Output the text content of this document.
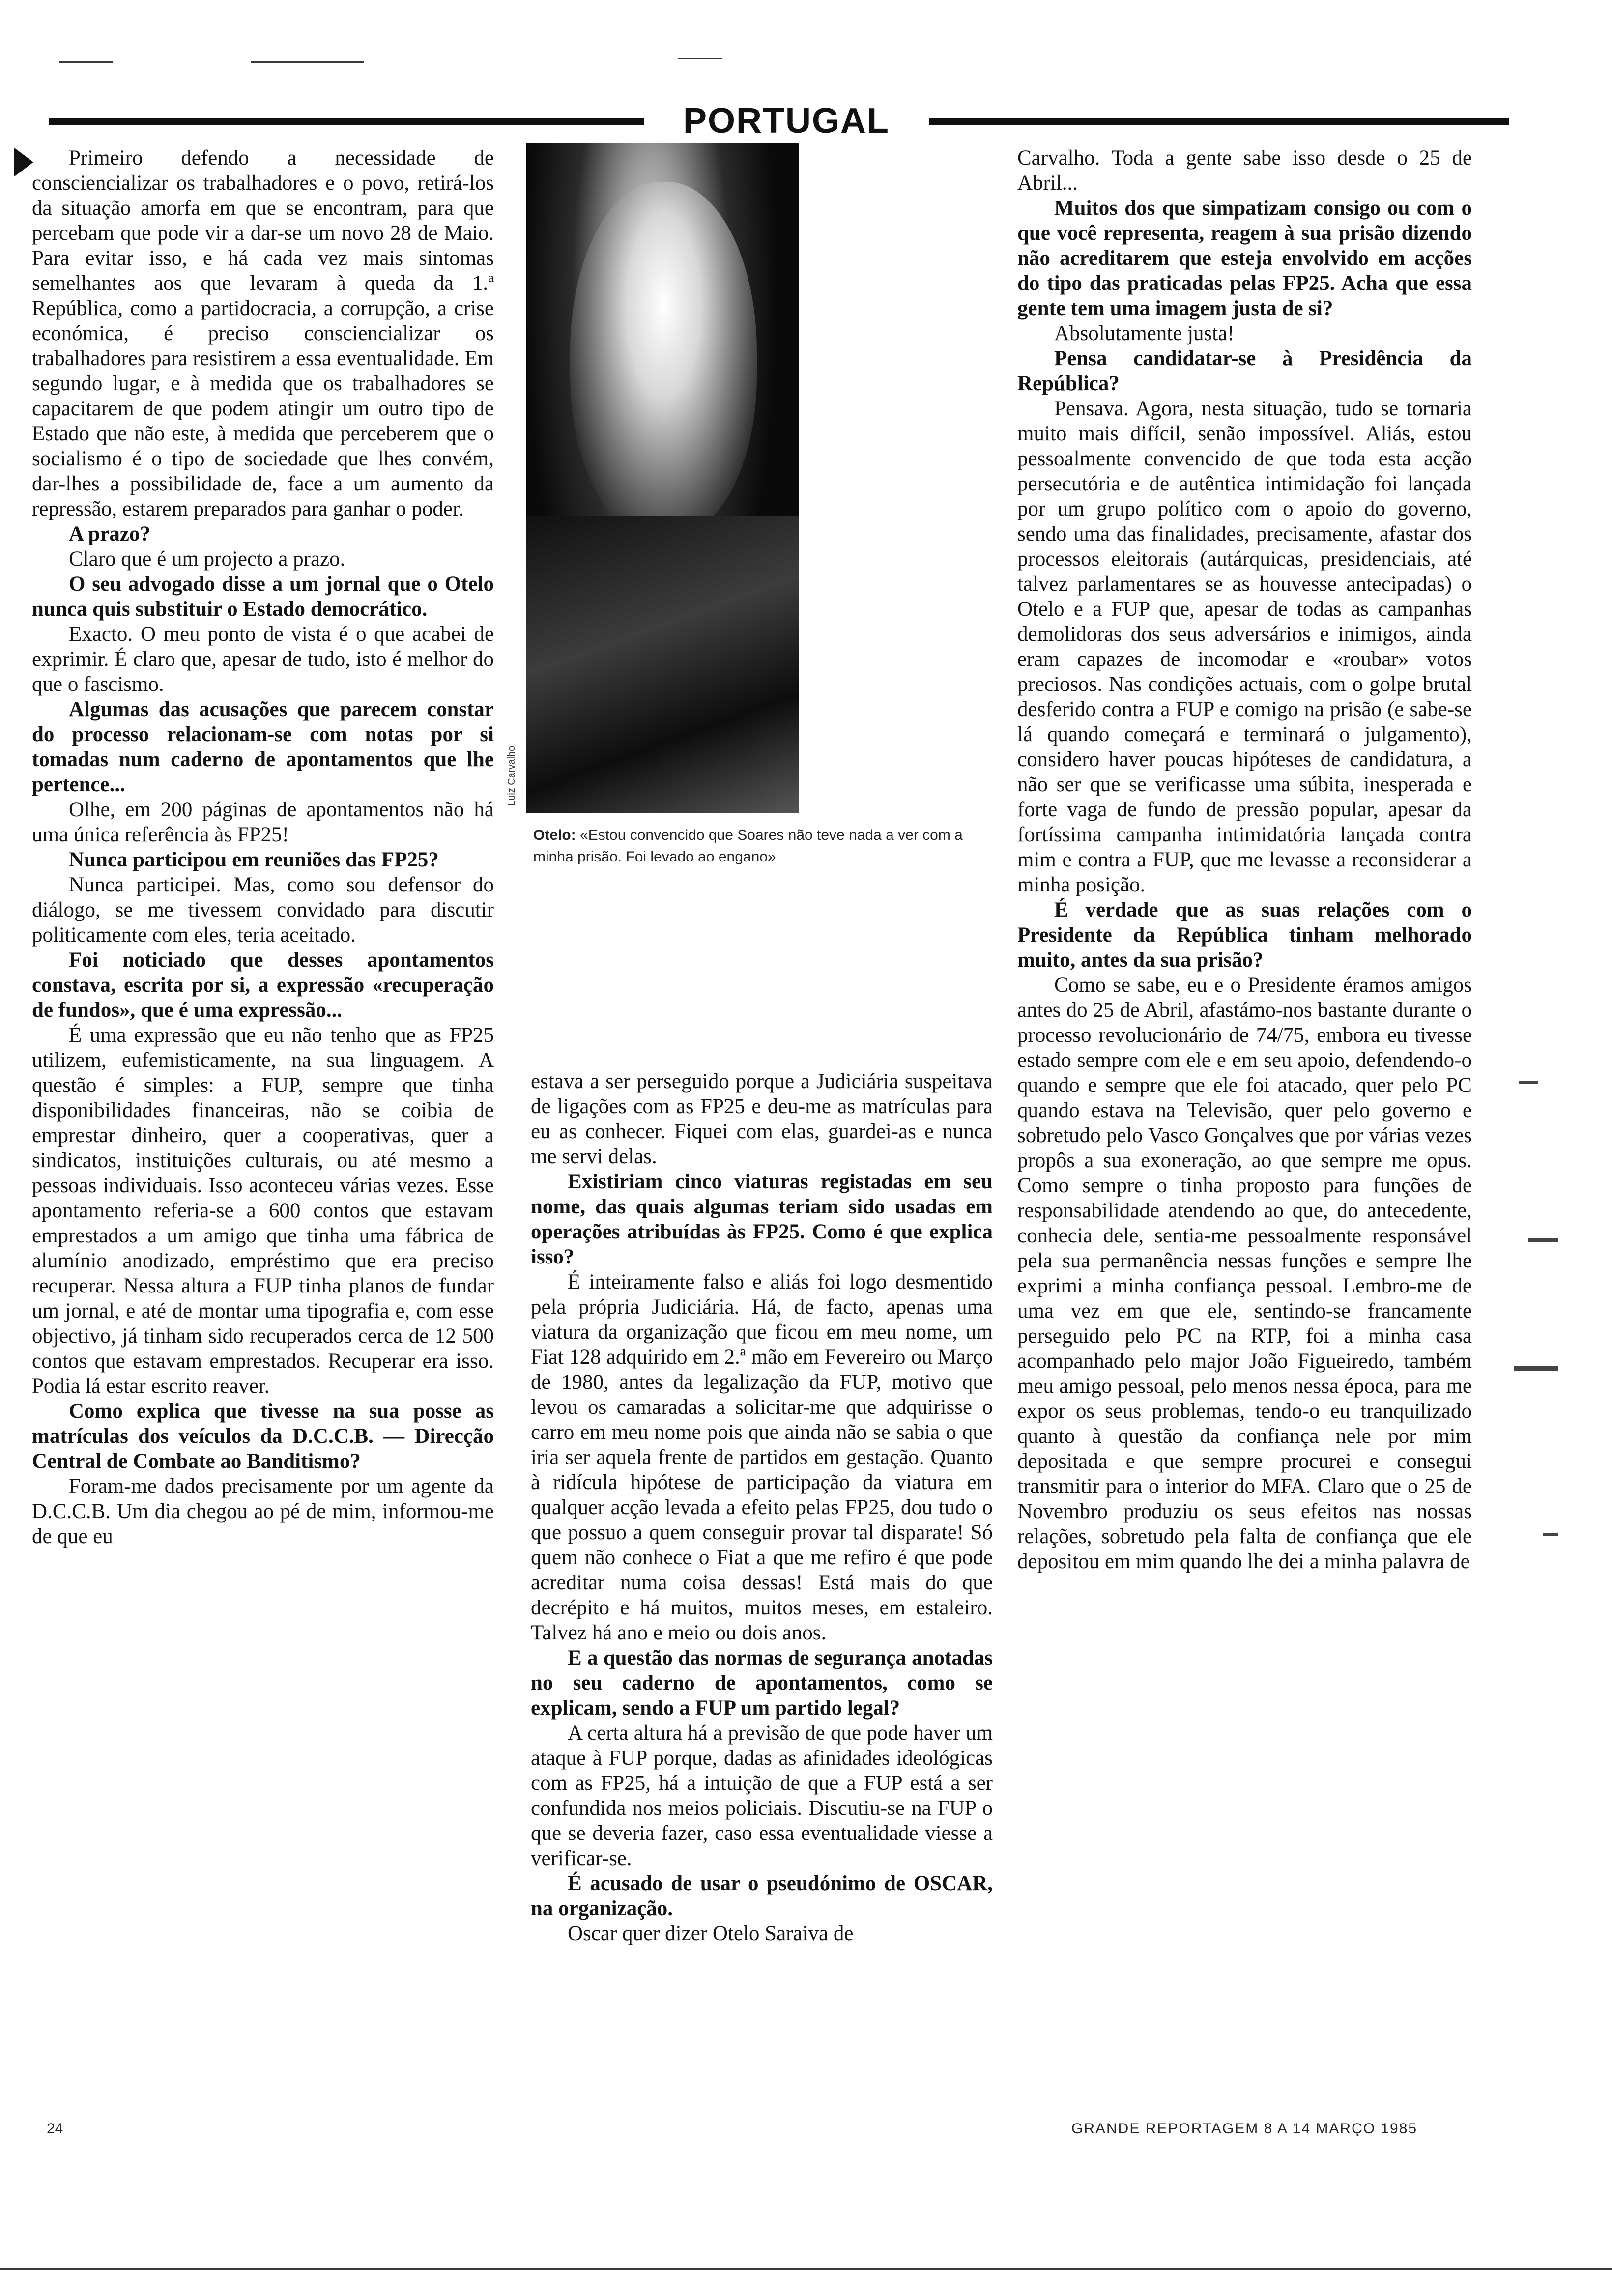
PORTUGAL

Primeiro defendo a necessidade de consciencializar os trabalhadores e o povo, retirá-los da situação amorfa em que se encontram, para que percebam que pode vir a dar-se um novo 28 de Maio. Para evitar isso, e há cada vez mais sintomas semelhantes aos que levaram à queda da 1.ª República, como a partidocracia, a corrupção, a crise económica, é preciso consciencializar os trabalhadores para resistirem a essa eventualidade. Em segundo lugar, e à medida que os trabalhadores se capacitarem de que podem atingir um outro tipo de Estado que não este, à medida que perceberem que o socialismo é o tipo de sociedade que lhes convém, dar-lhes a possibilidade de, face a um aumento da repressão, estarem preparados para ganhar o poder.

A prazo?

Claro que é um projecto a prazo.

O seu advogado disse a um jornal que o Otelo nunca quis substituir o Estado democrático.

Exacto. O meu ponto de vista é o que acabei de exprimir. É claro que, apesar de tudo, isto é melhor do que o fascismo.

Algumas das acusações que parecem constar do processo relacionam-se com notas por si tomadas num caderno de apontamentos que lhe pertence...

Olhe, em 200 páginas de apontamentos não há uma única referência às FP25!

Nunca participou em reuniões das FP25?

Nunca participei. Mas, como sou defensor do diálogo, se me tivessem convidado para discutir politicamente com eles, teria aceitado.

Foi noticiado que desses apontamentos constava, escrita por si, a expressão «recuperação de fundos», que é uma expressão...

É uma expressão que eu não tenho que as FP25 utilizem, eufemisticamente, na sua linguagem. A questão é simples: a FUP, sempre que tinha disponibilidades financeiras, não se coibia de emprestar dinheiro, quer a cooperativas, quer a sindicatos, instituições culturais, ou até mesmo a pessoas individuais. Isso aconteceu várias vezes. Esse apontamento referia-se a 600 contos que estavam emprestados a um amigo que tinha uma fábrica de alumínio anodizado, empréstimo que era preciso recuperar. Nessa altura a FUP tinha planos de fundar um jornal, e até de montar uma tipografia e, com esse objectivo, já tinham sido recuperados cerca de 12 500 contos que estavam emprestados. Recuperar era isso. Podia lá estar escrito reaver.

Como explica que tivesse na sua posse as matrículas dos veículos da D.C.C.B. — Direcção Central de Combate ao Banditismo?

Foram-me dados precisamente por um agente da D.C.C.B. Um dia chegou ao pé de mim, informou-me de que eu

Luiz Carvalho
Otelo: «Estou convencido que Soares não teve nada a ver com a minha prisão. Foi levado ao engano»

estava a ser perseguido porque a Judiciária suspeitava de ligações com as FP25 e deu-me as matrículas para eu as conhecer. Fiquei com elas, guardei-as e nunca me servi delas.

Existiriam cinco viaturas registadas em seu nome, das quais algumas teriam sido usadas em operações atribuídas às FP25. Como é que explica isso?

É inteiramente falso e aliás foi logo desmentido pela própria Judiciária. Há, de facto, apenas uma viatura da organização que ficou em meu nome, um Fiat 128 adquirido em 2.ª mão em Fevereiro ou Março de 1980, antes da legalização da FUP, motivo que levou os camaradas a solicitar-me que adquirisse o carro em meu nome pois que ainda não se sabia o que iria ser aquela frente de partidos em gestação. Quanto à ridícula hipótese de participação da viatura em qualquer acção levada a efeito pelas FP25, dou tudo o que possuo a quem conseguir provar tal disparate! Só quem não conhece o Fiat a que me refiro é que pode acreditar numa coisa dessas! Está mais do que decrépito e há muitos, muitos meses, em estaleiro. Talvez há ano e meio ou dois anos.

E a questão das normas de segurança anotadas no seu caderno de apontamentos, como se explicam, sendo a FUP um partido legal?

A certa altura há a previsão de que pode haver um ataque à FUP porque, dadas as afinidades ideológicas com as FP25, há a intuição de que a FUP está a ser confundida nos meios policiais. Discutiu-se na FUP o que se deveria fazer, caso essa eventualidade viesse a verificar-se.

É acusado de usar o pseudónimo de OSCAR, na organização.

Oscar quer dizer Otelo Saraiva de

Carvalho. Toda a gente sabe isso desde o 25 de Abril...

Muitos dos que simpatizam consigo ou com o que você representa, reagem à sua prisão dizendo não acreditarem que esteja envolvido em acções do tipo das praticadas pelas FP25. Acha que essa gente tem uma imagem justa de si?

Absolutamente justa!

Pensa candidatar-se à Presidência da República?

Pensava. Agora, nesta situação, tudo se tornaria muito mais difícil, senão impossível. Aliás, estou pessoalmente convencido de que toda esta acção persecutória e de autêntica intimidação foi lançada por um grupo político com o apoio do governo, sendo uma das finalidades, precisamente, afastar dos processos eleitorais (autárquicas, presidenciais, até talvez parlamentares se as houvesse antecipadas) o Otelo e a FUP que, apesar de todas as campanhas demolidoras dos seus adversários e inimigos, ainda eram capazes de incomodar e «roubar» votos preciosos. Nas condições actuais, com o golpe brutal desferido contra a FUP e comigo na prisão (e sabe-se lá quando começará e terminará o julgamento), considero haver poucas hipóteses de candidatura, a não ser que se verificasse uma súbita, inesperada e forte vaga de fundo de pressão popular, apesar da fortíssima campanha intimidatória lançada contra mim e contra a FUP, que me levasse a reconsiderar a minha posição.

É verdade que as suas relações com o Presidente da República tinham melhorado muito, antes da sua prisão?

Como se sabe, eu e o Presidente éramos amigos antes do 25 de Abril, afastámo-nos bastante durante o processo revolucionário de 74/75, embora eu tivesse estado sempre com ele e em seu apoio, defendendo-o quando e sempre que ele foi atacado, quer pelo PC quando estava na Televisão, quer pelo governo e sobretudo pelo Vasco Gonçalves que por várias vezes propôs a sua exoneração, ao que sempre me opus. Como sempre o tinha proposto para funções de responsabilidade atendendo ao que, do antecedente, conhecia dele, sentia-me pessoalmente responsável pela sua permanência nessas funções e sempre lhe exprimi a minha confiança pessoal. Lembro-me de uma vez em que ele, sentindo-se francamente perseguido pelo PC na RTP, foi a minha casa acompanhado pelo major João Figueiredo, também meu amigo pessoal, pelo menos nessa época, para me expor os seus problemas, tendo-o eu tranquilizado quanto à questão da confiança nele por mim depositada e que sempre procurei e consegui transmitir para o interior do MFA. Claro que o 25 de Novembro produziu os seus efeitos nas nossas relações, sobretudo pela falta de confiança que ele depositou em mim quando lhe dei a minha palavra de

24	GRANDE REPORTAGEM 8 A 14 MARÇO 1985
